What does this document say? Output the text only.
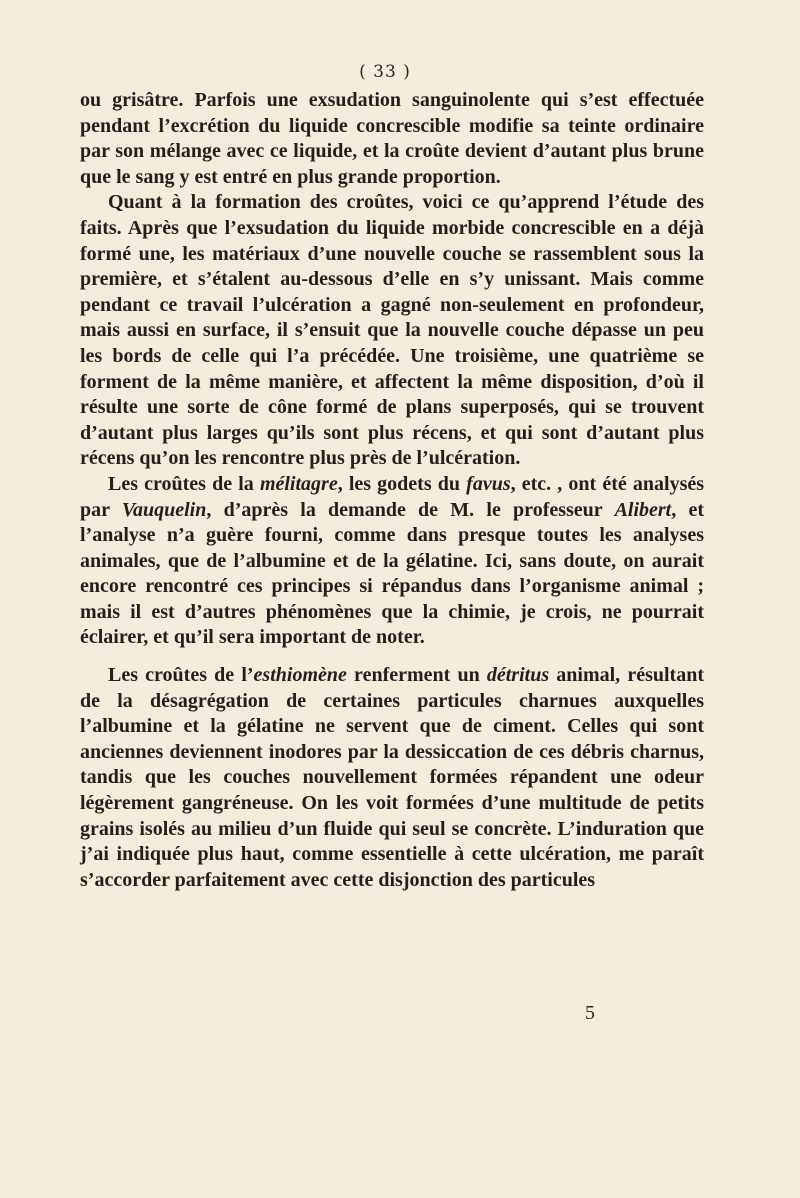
( 33 )

ou grisâtre. Parfois une exsudation sanguinolente qui s’est effectuée pendant l’excrétion du liquide concrescible modifie sa teinte ordinaire par son mélange avec ce liquide, et la croûte devient d’autant plus brune que le sang y est entré en plus grande proportion.

Quant à la formation des croûtes, voici ce qu’apprend l’étude des faits. Après que l’exsudation du liquide morbide concrescible en a déjà formé une, les matériaux d’une nouvelle couche se rassemblent sous la première, et s’étalent au-dessous d’elle en s’y unissant. Mais comme pendant ce travail l’ulcération a gagné non-seulement en profondeur, mais aussi en surface, il s’ensuit que la nouvelle couche dépasse un peu les bords de celle qui l’a précédée. Une troisième, une quatrième se forment de la même manière, et affectent la même disposition, d’où il résulte une sorte de cône formé de plans superposés, qui se trouvent d’autant plus larges qu’ils sont plus récens, et qui sont d’autant plus récens qu’on les rencontre plus près de l’ulcération.

Les croûtes de la mélitagre, les godets du favus, etc. , ont été analysés par Vauquelin, d’après la demande de M. le professeur Alibert, et l’analyse n’a guère fourni, comme dans presque toutes les analyses animales, que de l’albumine et de la gélatine. Ici, sans doute, on aurait encore rencontré ces principes si répandus dans l’organisme animal ; mais il est d’autres phénomènes que la chimie, je crois, ne pourrait éclairer, et qu’il sera important de noter.

Les croûtes de l’esthiomène renferment un détritus animal, résultant de la désagrégation de certaines particules charnues auxquelles l’albumine et la gélatine ne servent que de ciment. Celles qui sont anciennes deviennent inodores par la dessiccation de ces débris charnus, tandis que les couches nouvellement formées répandent une odeur légèrement gangréneuse. On les voit formées d’une multitude de petits grains isolés au milieu d’un fluide qui seul se concrète. L’induration que j’ai indiquée plus haut, comme essentielle à cette ulcération, me paraît s’accorder parfaitement avec cette disjonction des particules

5
